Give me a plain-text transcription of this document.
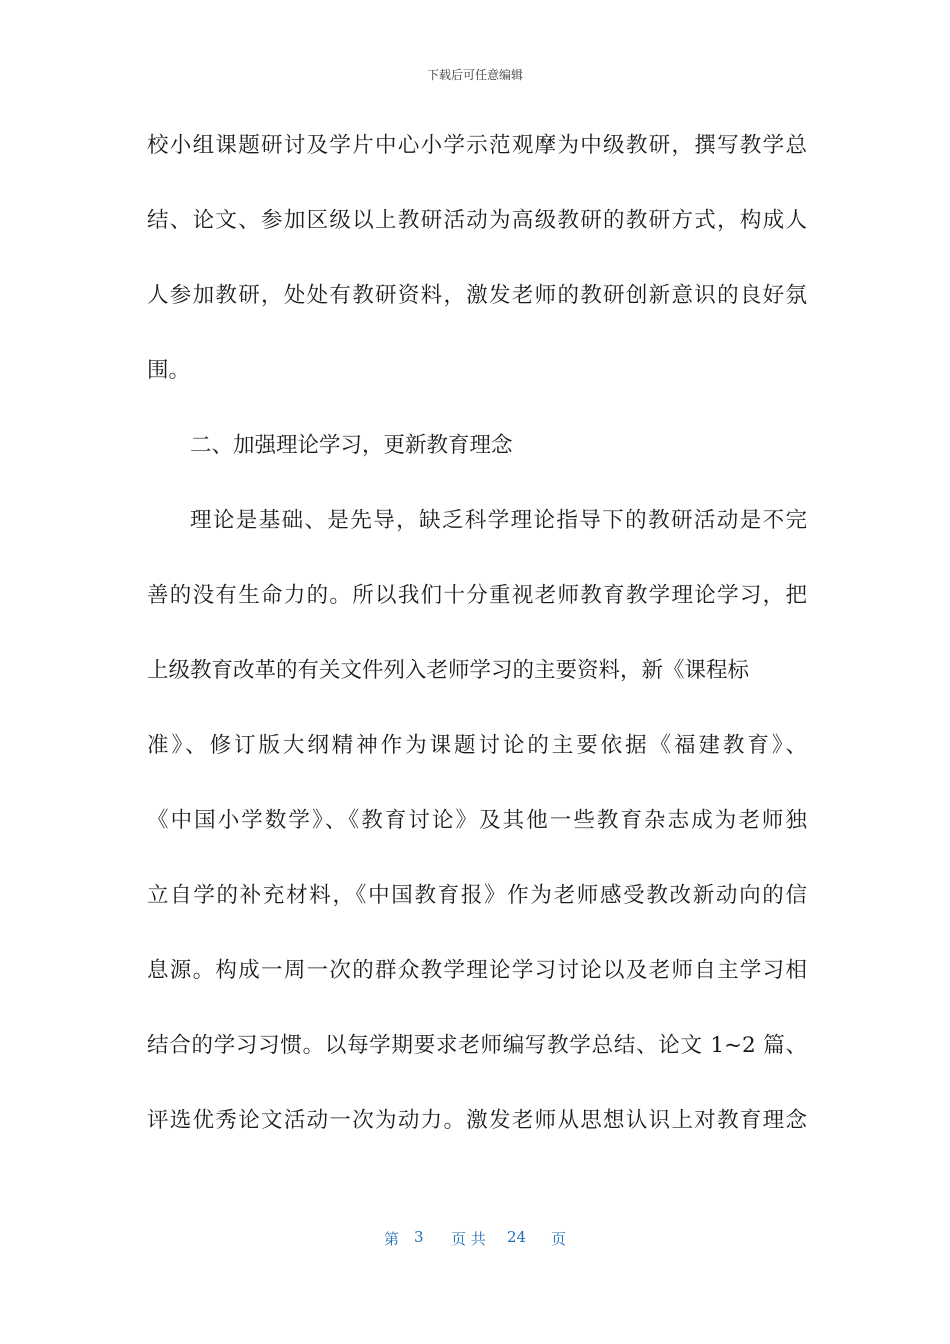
下载后可任意编辑
校小组课题研讨及学片中心小学示范观摩为中级教研，撰写教学总
结、论文、参加区级以上教研活动为高级教研的教研方式，构成人
人参加教研，处处有教研资料，激发老师的教研创新意识的良好氛
围。
二、加强理论学习，更新教育理念
理论是基础、是先导，缺乏科学理论指导下的教研活动是不完
善的没有生命力的。所以我们十分重视老师教育教学理论学习，把
上级教育改革的有关文件列入老师学习的主要资料，新《课程标
准》、修订版大纲精神作为课题讨论的主要依据《福建教育》、
《中国小学数学》、《教育讨论》及其他一些教育杂志成为老师独
立自学的补充材料，《中国教育报》作为老师感受教改新动向的信
息源。构成一周一次的群众教学理论学习讨论以及老师自主学习相
结合的学习习惯。以每学期要求老师编写教学总结、论文 1~2 篇、
评选优秀论文活动一次为动力。激发老师从思想认识上对教育理念
第 3 页 共 24 页
